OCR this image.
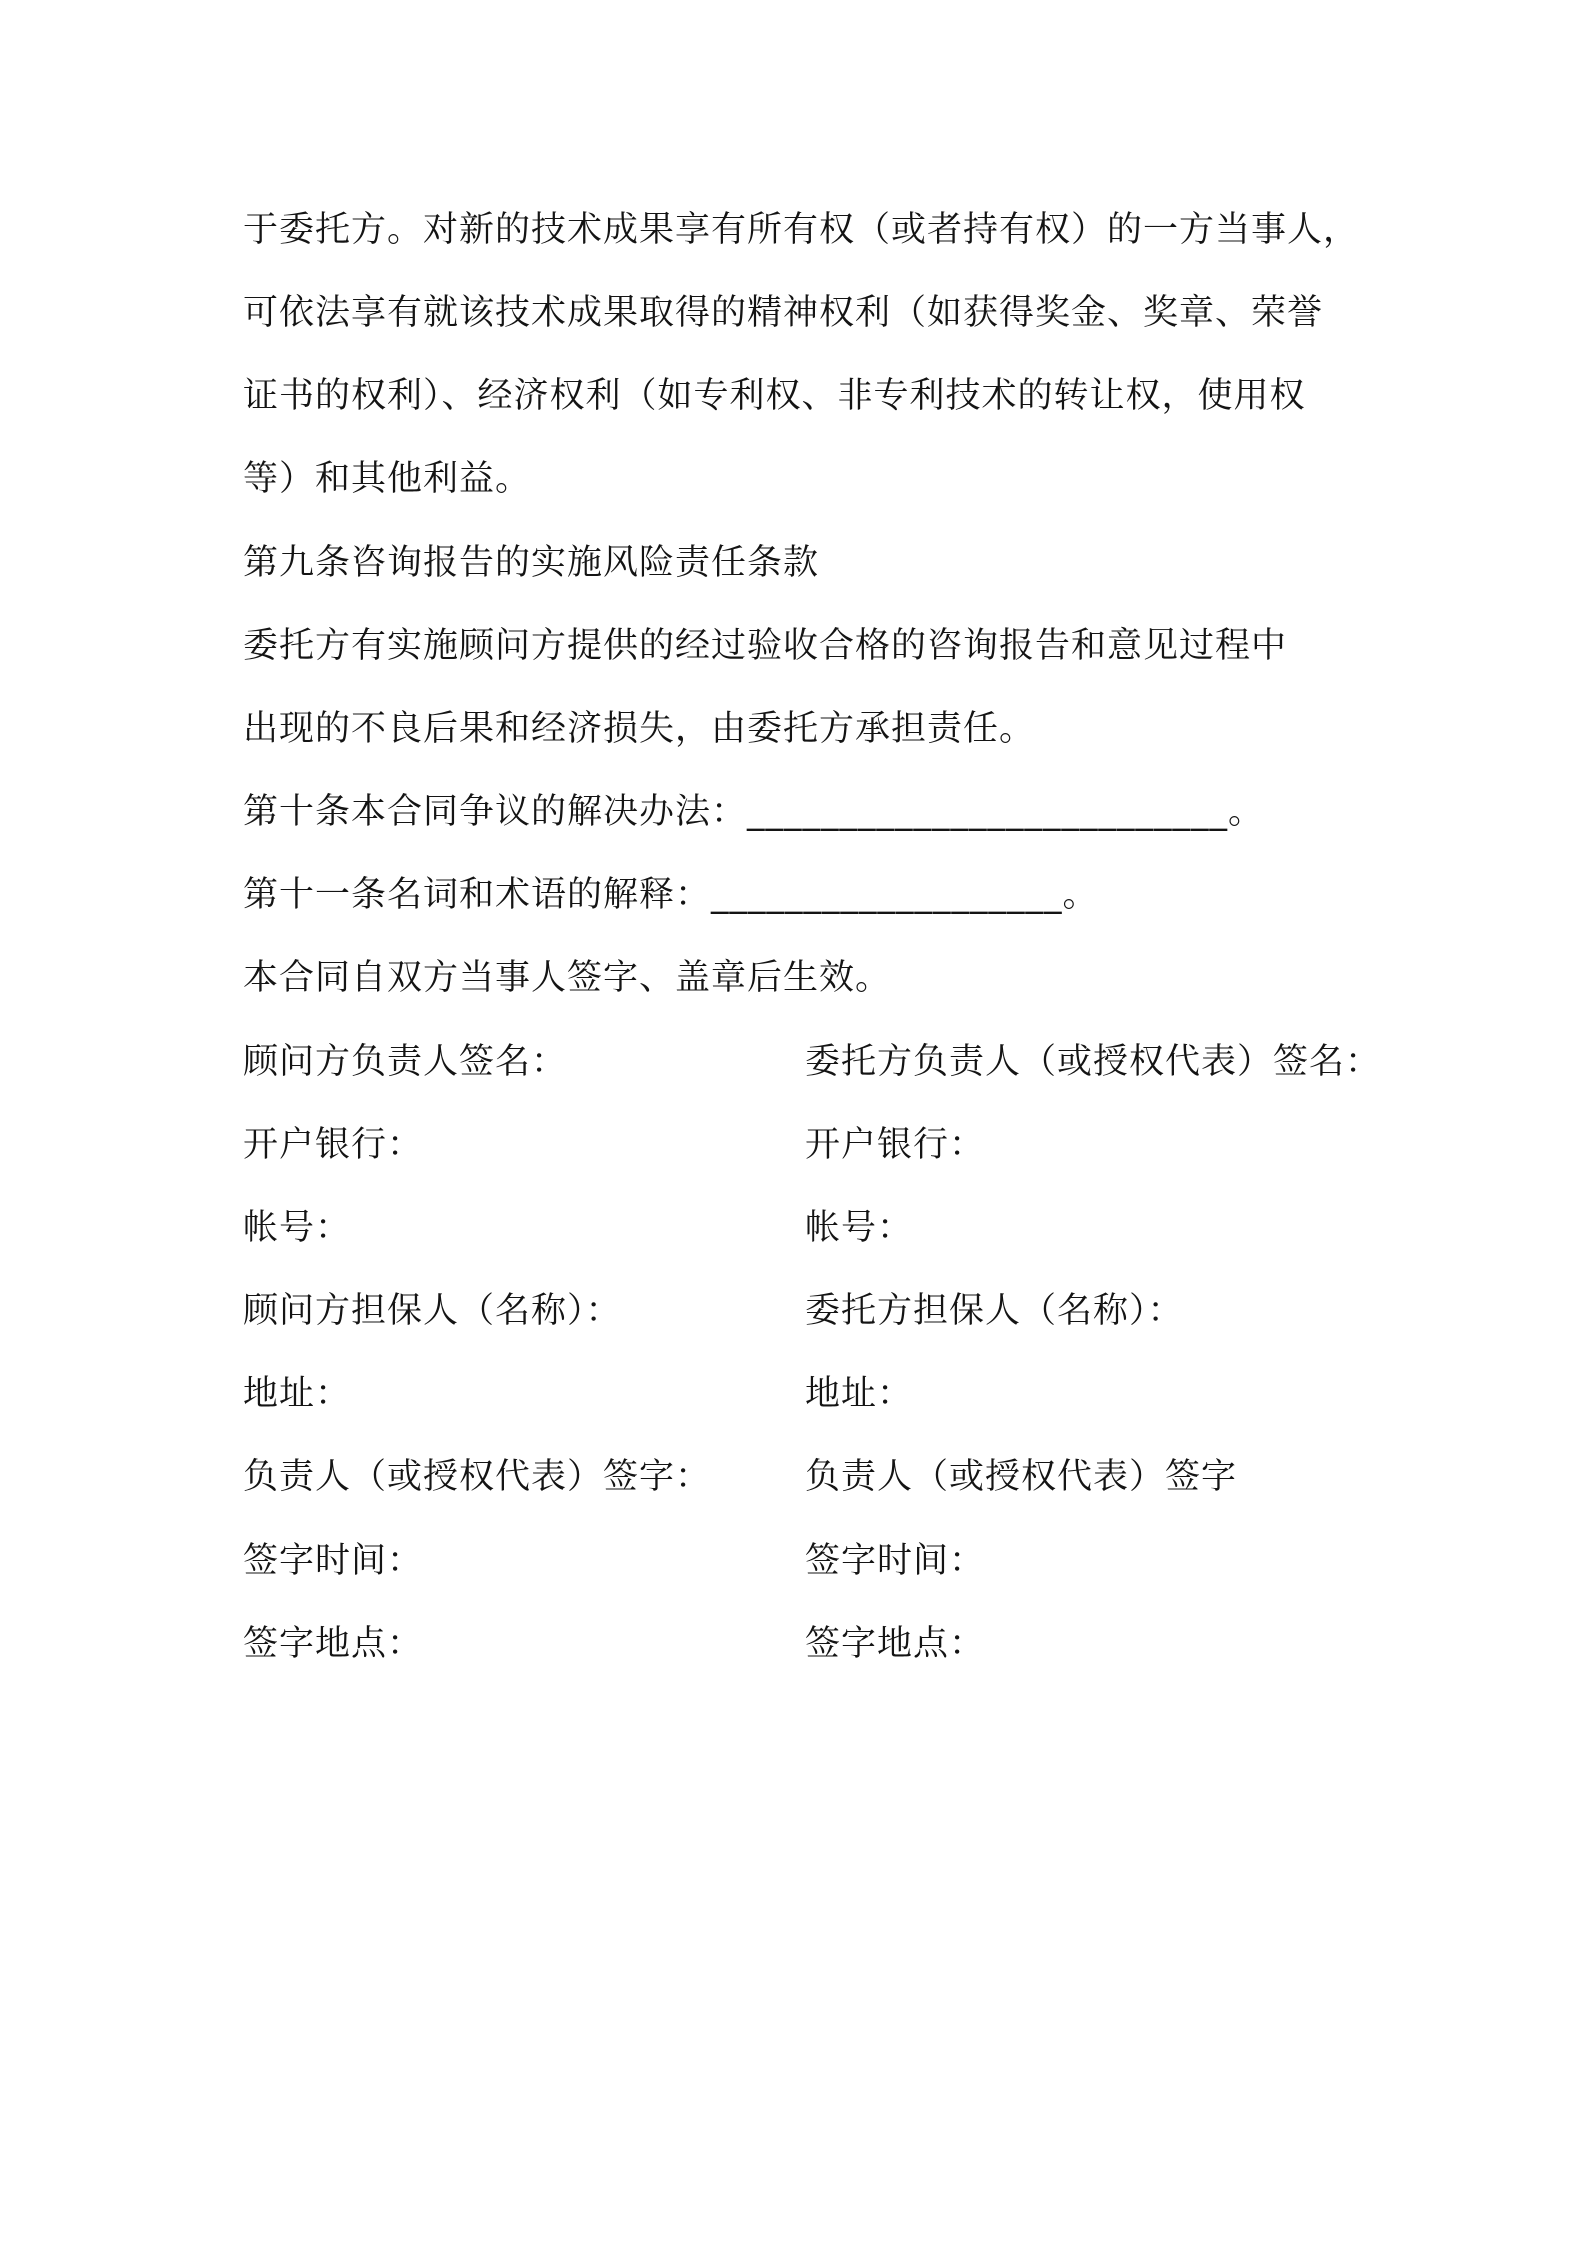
于委托方。对新的技术成果享有所有权（或者持有权）的一方当事人，
可依法享有就该技术成果取得的精神权利（如获得奖金、奖章、荣誉
证书的权利）、经济权利（如专利权、非专利技术的转让权，使用权
等）和其他利益。
第九条咨询报告的实施风险责任条款
委托方有实施顾问方提供的经过验收合格的咨询报告和意见过程中
出现的不良后果和经济损失，由委托方承担责任。
第十条本合同争议的解决办法：__________________________。
第十一条名词和术语的解释：___________________。
本合同自双方当事人签字、盖章后生效。
顾问方负责人签名：	委托方负责人（或授权代表）签名：
开户银行：	开户银行：
帐号：	帐号：
顾问方担保人（名称）：	委托方担保人（名称）：
地址：	地址：
负责人（或授权代表）签字：	负责人（或授权代表）签字
签字时间：	签字时间：
签字地点：	签字地点：
